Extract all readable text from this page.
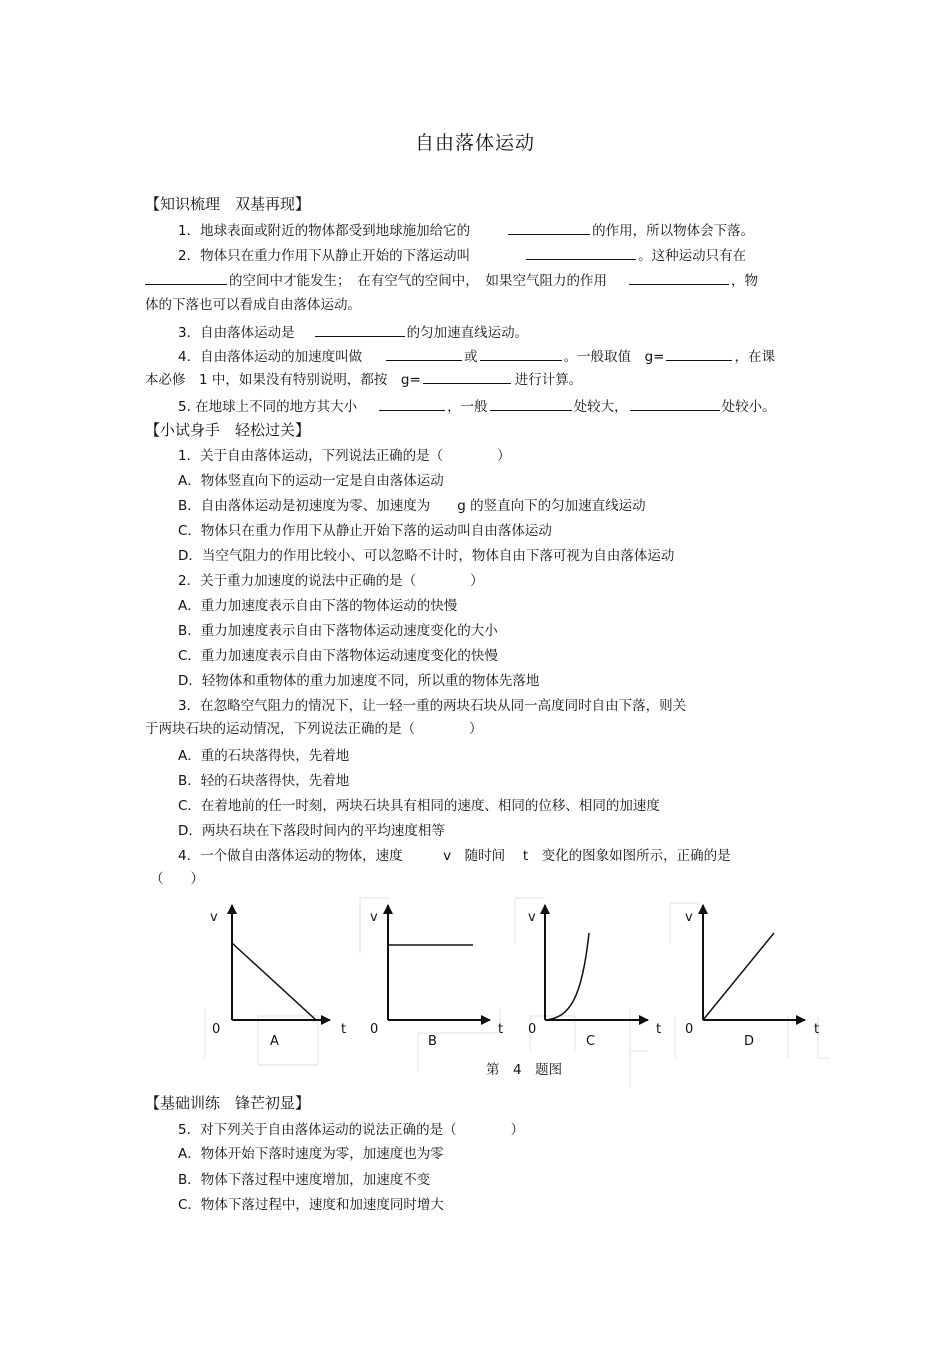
自由落体运动
【知识梳理　双基再现】
1．地球表面或附近的物体都受到地球施加给它的	的作用，所以物体会下落。
2．物体只在重力作用下从静止开始的下落运动叫	。这种运动只有在
的空间中才能发生；　在有空气的空间中，　如果空气阻力的作用	，物
体的下落也可以看成自由落体运动。
3．自由落体运动是	的匀加速直线运动。
4．自由落体运动的加速度叫做	或	。一般取值　g=	，在课
本必修　1 中，如果没有特别说明，都按　g=	进行计算。
5. 在地球上不同的地方其大小	，一般	处较大，	处较小。
【小试身手　轻松过关】
1．关于自由落体运动，下列说法正确的是（　　　　）
A．物体竖直向下的运动一定是自由落体运动
B．自由落体运动是初速度为零、加速度为　　g 的竖直向下的匀加速直线运动
C．物体只在重力作用下从静止开始下落的运动叫自由落体运动
D．当空气阻力的作用比较小、可以忽略不计时，物体自由下落可视为自由落体运动
2．关于重力加速度的说法中正确的是（　　　　）
A．重力加速度表示自由下落的物体运动的快慢
B．重力加速度表示自由下落物体运动速度变化的大小
C．重力加速度表示自由下落物体运动速度变化的快慢
D．轻物体和重物体的重力加速度不同，所以重的物体先落地
3．在忽略空气阻力的情况下，让一轻一重的两块石块从同一高度同时自由下落，则关
于两块石块的运动情况，下列说法正确的是（　　　　）
A．重的石块落得快，先着地
B．轻的石块落得快，先着地
C．在着地前的任一时刻，两块石块具有相同的速度、相同的位移、相同的加速度
D．两块石块在下落段时间内的平均速度相等
4．一个做自由落体运动的物体，速度　　　v　随时间　 t　变化的图象如图所示，正确的是
（　　）
v
0	t
A
v
0	t
B
v
0	t
C
v
0	t
D
第　4　题图
【基础训练　锋芒初显】
5．对下列关于自由落体运动的说法正确的是（　　　　）
A．物体开始下落时速度为零，加速度也为零
B．物体下落过程中速度增加，加速度不变
C．物体下落过程中，速度和加速度同时增大
